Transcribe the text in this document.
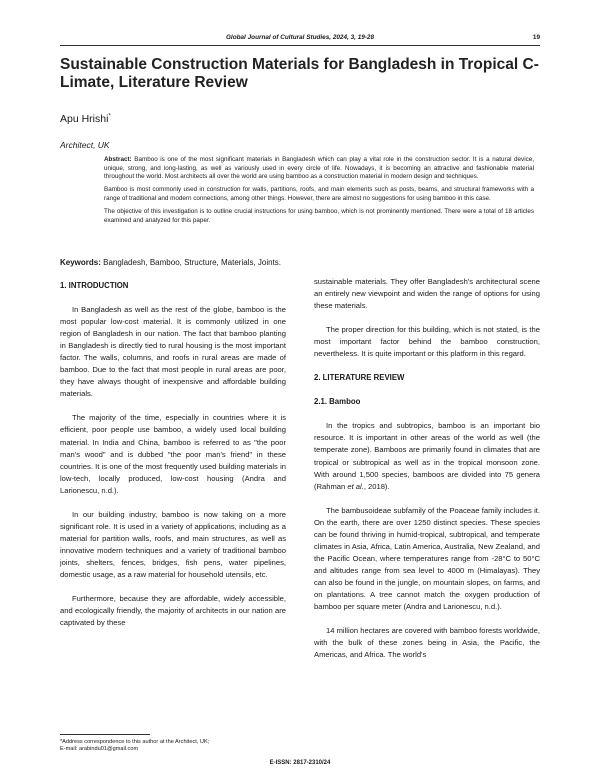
Global Journal of Cultural Studies, 2024, 3, 19-28	19
Sustainable Construction Materials for Bangladesh in Tropical C-Limate, Literature Review
Apu Hrishi*
Architect, UK

Abstract: Bamboo is one of the most significant materials in Bangladesh which can play a vital role in the construction sector. It is a natural device, unique, strong, and long-lasting, as well as variously used in every circle of life. Nowadays, it is becoming an attractive and fashionable material throughout the world. Most architects all over the world are using bamboo as a construction material in modern design and techniques.

Bamboo is most commonly used in construction for walls, partitions, roofs, and main elements such as posts, beams, and structural frameworks with a range of traditional and modern connections, among other things. However, there are almost no suggestions for using bamboo in this case.

The objective of this investigation is to outline crucial instructions for using bamboo, which is not prominently mentioned. There were a total of 18 articles examined and analyzed for this paper.

Keywords: Bangladesh, Bamboo, Structure, Materials, Joints.
1. INTRODUCTION

In Bangladesh as well as the rest of the globe, bamboo is the most popular low-cost material. It is commonly utilized in one region of Bangladesh in our nation. The fact that bamboo planting in Bangladesh is directly tied to rural housing is the most important factor. The walls, columns, and roofs in rural areas are made of bamboo. Due to the fact that most people in rural areas are poor, they have always thought of inexpensive and affordable building materials.

The majority of the time, especially in countries where it is efficient, poor people use bamboo, a widely used local building material. In India and China, bamboo is referred to as "the poor man's wood" and is dubbed "the poor man's friend" in these countries. It is one of the most frequently used building materials in low-tech, locally produced, low-cost housing (Andra and Larionescu, n.d.).

In our building industry, bamboo is now taking on a more significant role. It is used in a variety of applications, including as a material for partition walls, roofs, and main structures, as well as innovative modern techniques and a variety of traditional bamboo joints, shelters, fences, bridges, fish pens, water pipelines, domestic usage, as a raw material for household utensils, etc.

Furthermore, because they are affordable, widely accessible, and ecologically friendly, the majority of architects in our nation are captivated by these

sustainable materials. They offer Bangladesh's architectural scene an entirely new viewpoint and widen the range of options for using these materials.

The proper direction for this building, which is not stated, is the most important factor behind the bamboo construction, nevertheless. It is quite important or this platform in this regard.

2. LITERATURE REVIEW
2.1. Bamboo

In the tropics and subtropics, bamboo is an important bio resource. It is important in other areas of the world as well (the temperate zone). Bamboos are primarily found in climates that are tropical or subtropical as well as in the tropical monsoon zone. With around 1,500 species, bamboos are divided into 75 genera (Rahman et al., 2018).

The bambusoideae subfamily of the Poaceae family includes it. On the earth, there are over 1250 distinct species. These species can be found thriving in humid-tropical, subtropical, and temperate climates in Asia, Africa, Latin America, Australia, New Zealand, and the Pacific Ocean, where temperatures range from -28°C to 50°C and altitudes range from sea level to 4000 m (Himalayas). They can also be found in the jungle, on mountain slopes, on farms, and on plantations. A tree cannot match the oxygen production of bamboo per square meter (Andra and Larionescu, n.d.).

14 million hectares are covered with bamboo forests worldwide, with the bulk of these zones being in Asia, the Pacific, the Americas, and Africa. The world's

*Address correspondence to this author at the Architect, UK;
E-mail: arabindu01@gmail.com
E-ISSN: 2817-2310/24
